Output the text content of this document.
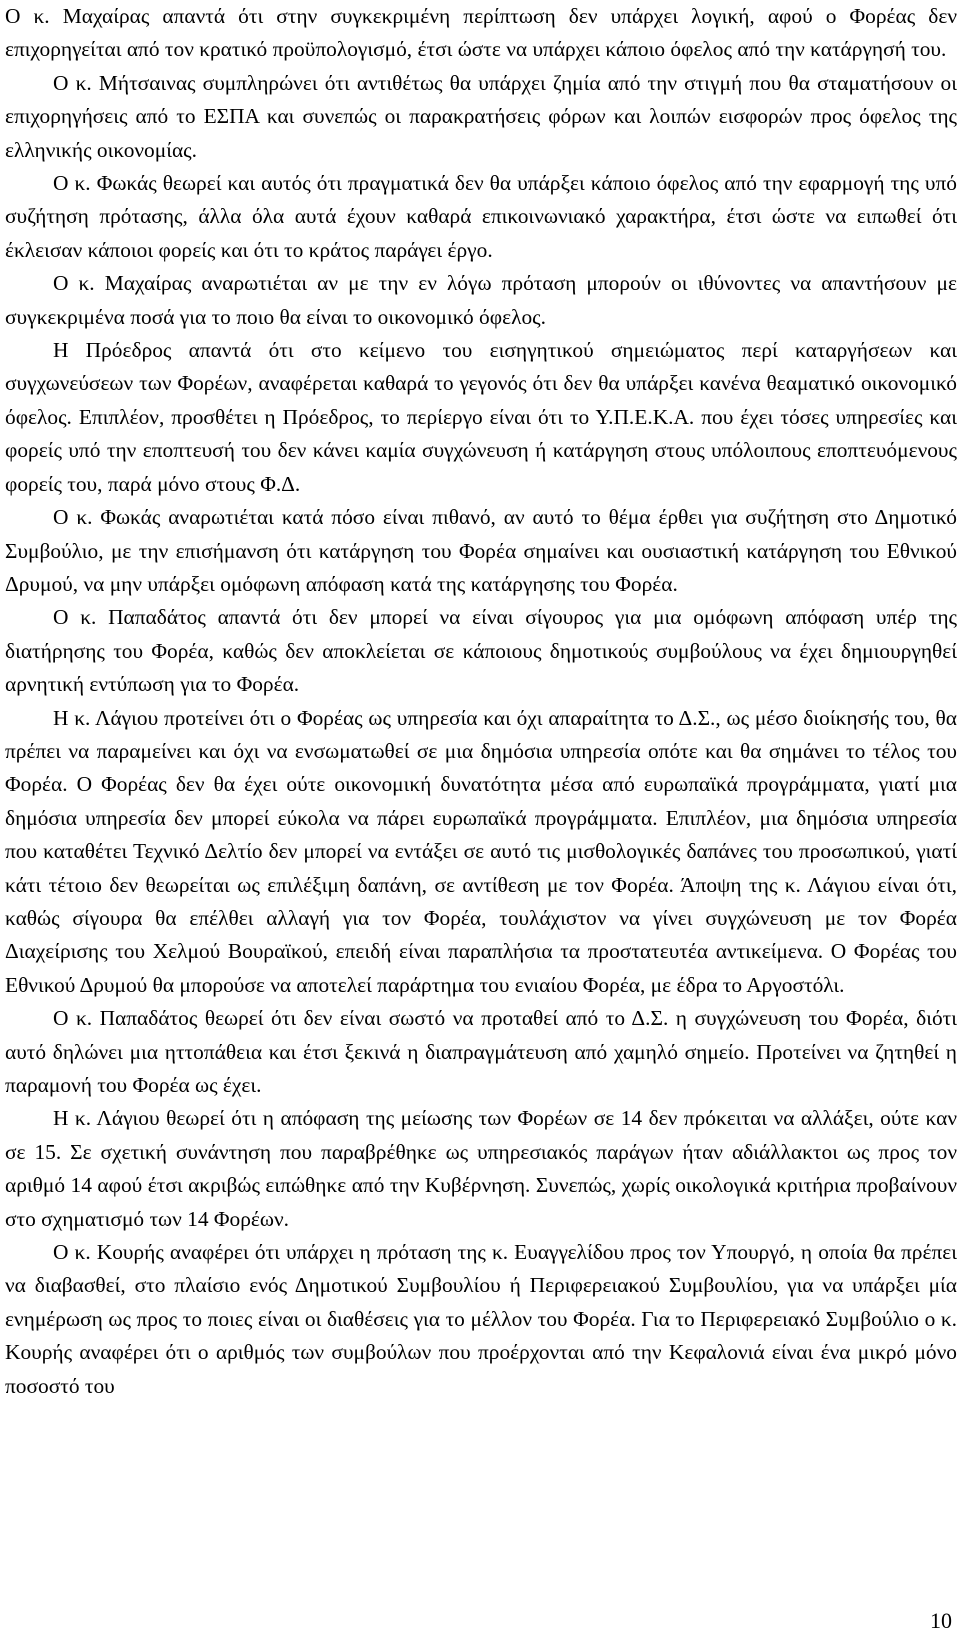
Ο κ. Μαχαίρας απαντά ότι στην συγκεκριμένη περίπτωση δεν υπάρχει λογική, αφού ο Φορέας δεν επιχορηγείται από τον κρατικό προϋπολογισμό, έτσι ώστε να υπάρχει κάποιο όφελος από την κατάργησή του.

Ο κ. Μήτσαινας συμπληρώνει ότι αντιθέτως θα υπάρχει ζημία από την στιγμή που θα σταματήσουν οι επιχορηγήσεις από το ΕΣΠΑ και συνεπώς οι παρακρατήσεις φόρων και λοιπών εισφορών προς όφελος της ελληνικής οικονομίας.

Ο κ. Φωκάς θεωρεί και αυτός ότι πραγματικά δεν θα υπάρξει κάποιο όφελος από την εφαρμογή της υπό συζήτηση πρότασης, άλλα όλα αυτά έχουν καθαρά επικοινωνιακό χαρακτήρα, έτσι ώστε να ειπωθεί ότι έκλεισαν κάποιοι φορείς και ότι το κράτος παράγει έργο.

Ο κ. Μαχαίρας αναρωτιέται αν με την εν λόγω πρόταση μπορούν οι ιθύνοντες να απαντήσουν με συγκεκριμένα ποσά για το ποιο θα είναι το οικονομικό όφελος.

Η Πρόεδρος απαντά ότι στο κείμενο του εισηγητικού σημειώματος περί καταργήσεων και συγχωνεύσεων των Φορέων, αναφέρεται καθαρά το γεγονός ότι δεν θα υπάρξει κανένα θεαματικό οικονομικό όφελος. Επιπλέον, προσθέτει η Πρόεδρος, το περίεργο είναι ότι το Υ.Π.Ε.Κ.Α. που έχει τόσες υπηρεσίες και φορείς υπό την εποπτευσή του δεν κάνει καμία συγχώνευση ή κατάργηση στους υπόλοιπους εποπτευόμενους φορείς του, παρά μόνο στους Φ.Δ.

Ο κ. Φωκάς αναρωτιέται κατά πόσο είναι πιθανό, αν αυτό το θέμα έρθει για συζήτηση στο Δημοτικό Συμβούλιο, με την επισήμανση ότι κατάργηση του Φορέα σημαίνει και ουσιαστική κατάργηση του Εθνικού Δρυμού, να μην υπάρξει ομόφωνη απόφαση κατά της κατάργησης του Φορέα.

Ο κ. Παπαδάτος απαντά ότι δεν μπορεί να είναι σίγουρος για μια ομόφωνη απόφαση υπέρ της διατήρησης του Φορέα, καθώς δεν αποκλείεται σε κάποιους δημοτικούς συμβούλους να έχει δημιουργηθεί αρνητική εντύπωση για το Φορέα.

Η κ. Λάγιου προτείνει ότι ο Φορέας ως υπηρεσία και όχι απαραίτητα το Δ.Σ., ως μέσο διοίκησής του, θα πρέπει να παραμείνει και όχι να ενσωματωθεί σε μια δημόσια υπηρεσία οπότε και θα σημάνει το τέλος του Φορέα. Ο Φορέας δεν θα έχει ούτε οικονομική δυνατότητα μέσα από ευρωπαϊκά προγράμματα, γιατί μια δημόσια υπηρεσία δεν μπορεί εύκολα να πάρει ευρωπαϊκά προγράμματα. Επιπλέον, μια δημόσια υπηρεσία που καταθέτει Τεχνικό Δελτίο δεν μπορεί να εντάξει σε αυτό τις μισθολογικές δαπάνες του προσωπικού, γιατί κάτι τέτοιο δεν θεωρείται ως επιλέξιμη δαπάνη, σε αντίθεση με τον Φορέα. Άποψη της κ. Λάγιου είναι ότι, καθώς σίγουρα θα επέλθει αλλαγή για τον Φορέα, τουλάχιστον να γίνει συγχώνευση με τον Φορέα Διαχείρισης του Χελμού Βουραϊκού, επειδή είναι παραπλήσια τα προστατευτέα αντικείμενα. Ο Φορέας του Εθνικού Δρυμού θα μπορούσε να αποτελεί παράρτημα του ενιαίου Φορέα, με έδρα το Αργοστόλι.

Ο κ. Παπαδάτος θεωρεί ότι δεν είναι σωστό να προταθεί από το Δ.Σ. η συγχώνευση του Φορέα, διότι αυτό δηλώνει μια ηττοπάθεια και έτσι ξεκινά η διαπραγμάτευση από χαμηλό σημείο. Προτείνει να ζητηθεί η παραμονή του Φορέα ως έχει.

Η κ. Λάγιου θεωρεί ότι η απόφαση της μείωσης των Φορέων σε 14 δεν πρόκειται να αλλάξει, ούτε καν σε 15. Σε σχετική συνάντηση που παραβρέθηκε ως υπηρεσιακός παράγων ήταν αδιάλλακτοι ως προς τον αριθμό 14 αφού έτσι ακριβώς ειπώθηκε από την Κυβέρνηση. Συνεπώς, χωρίς οικολογικά κριτήρια προβαίνουν στο σχηματισμό των 14 Φορέων.

Ο κ. Κουρής αναφέρει ότι υπάρχει η πρόταση της κ. Ευαγγελίδου προς τον Υπουργό, η οποία θα πρέπει να διαβασθεί, στο πλαίσιο ενός Δημοτικού Συμβουλίου ή Περιφερειακού Συμβουλίου, για να υπάρξει μία ενημέρωση ως προς το ποιες είναι οι διαθέσεις για το μέλλον του Φορέα. Για το Περιφερειακό Συμβούλιο ο κ. Κουρής αναφέρει ότι ο αριθμός των συμβούλων που προέρχονται από την Κεφαλονιά είναι ένα μικρό μόνο ποσοστό του

10
